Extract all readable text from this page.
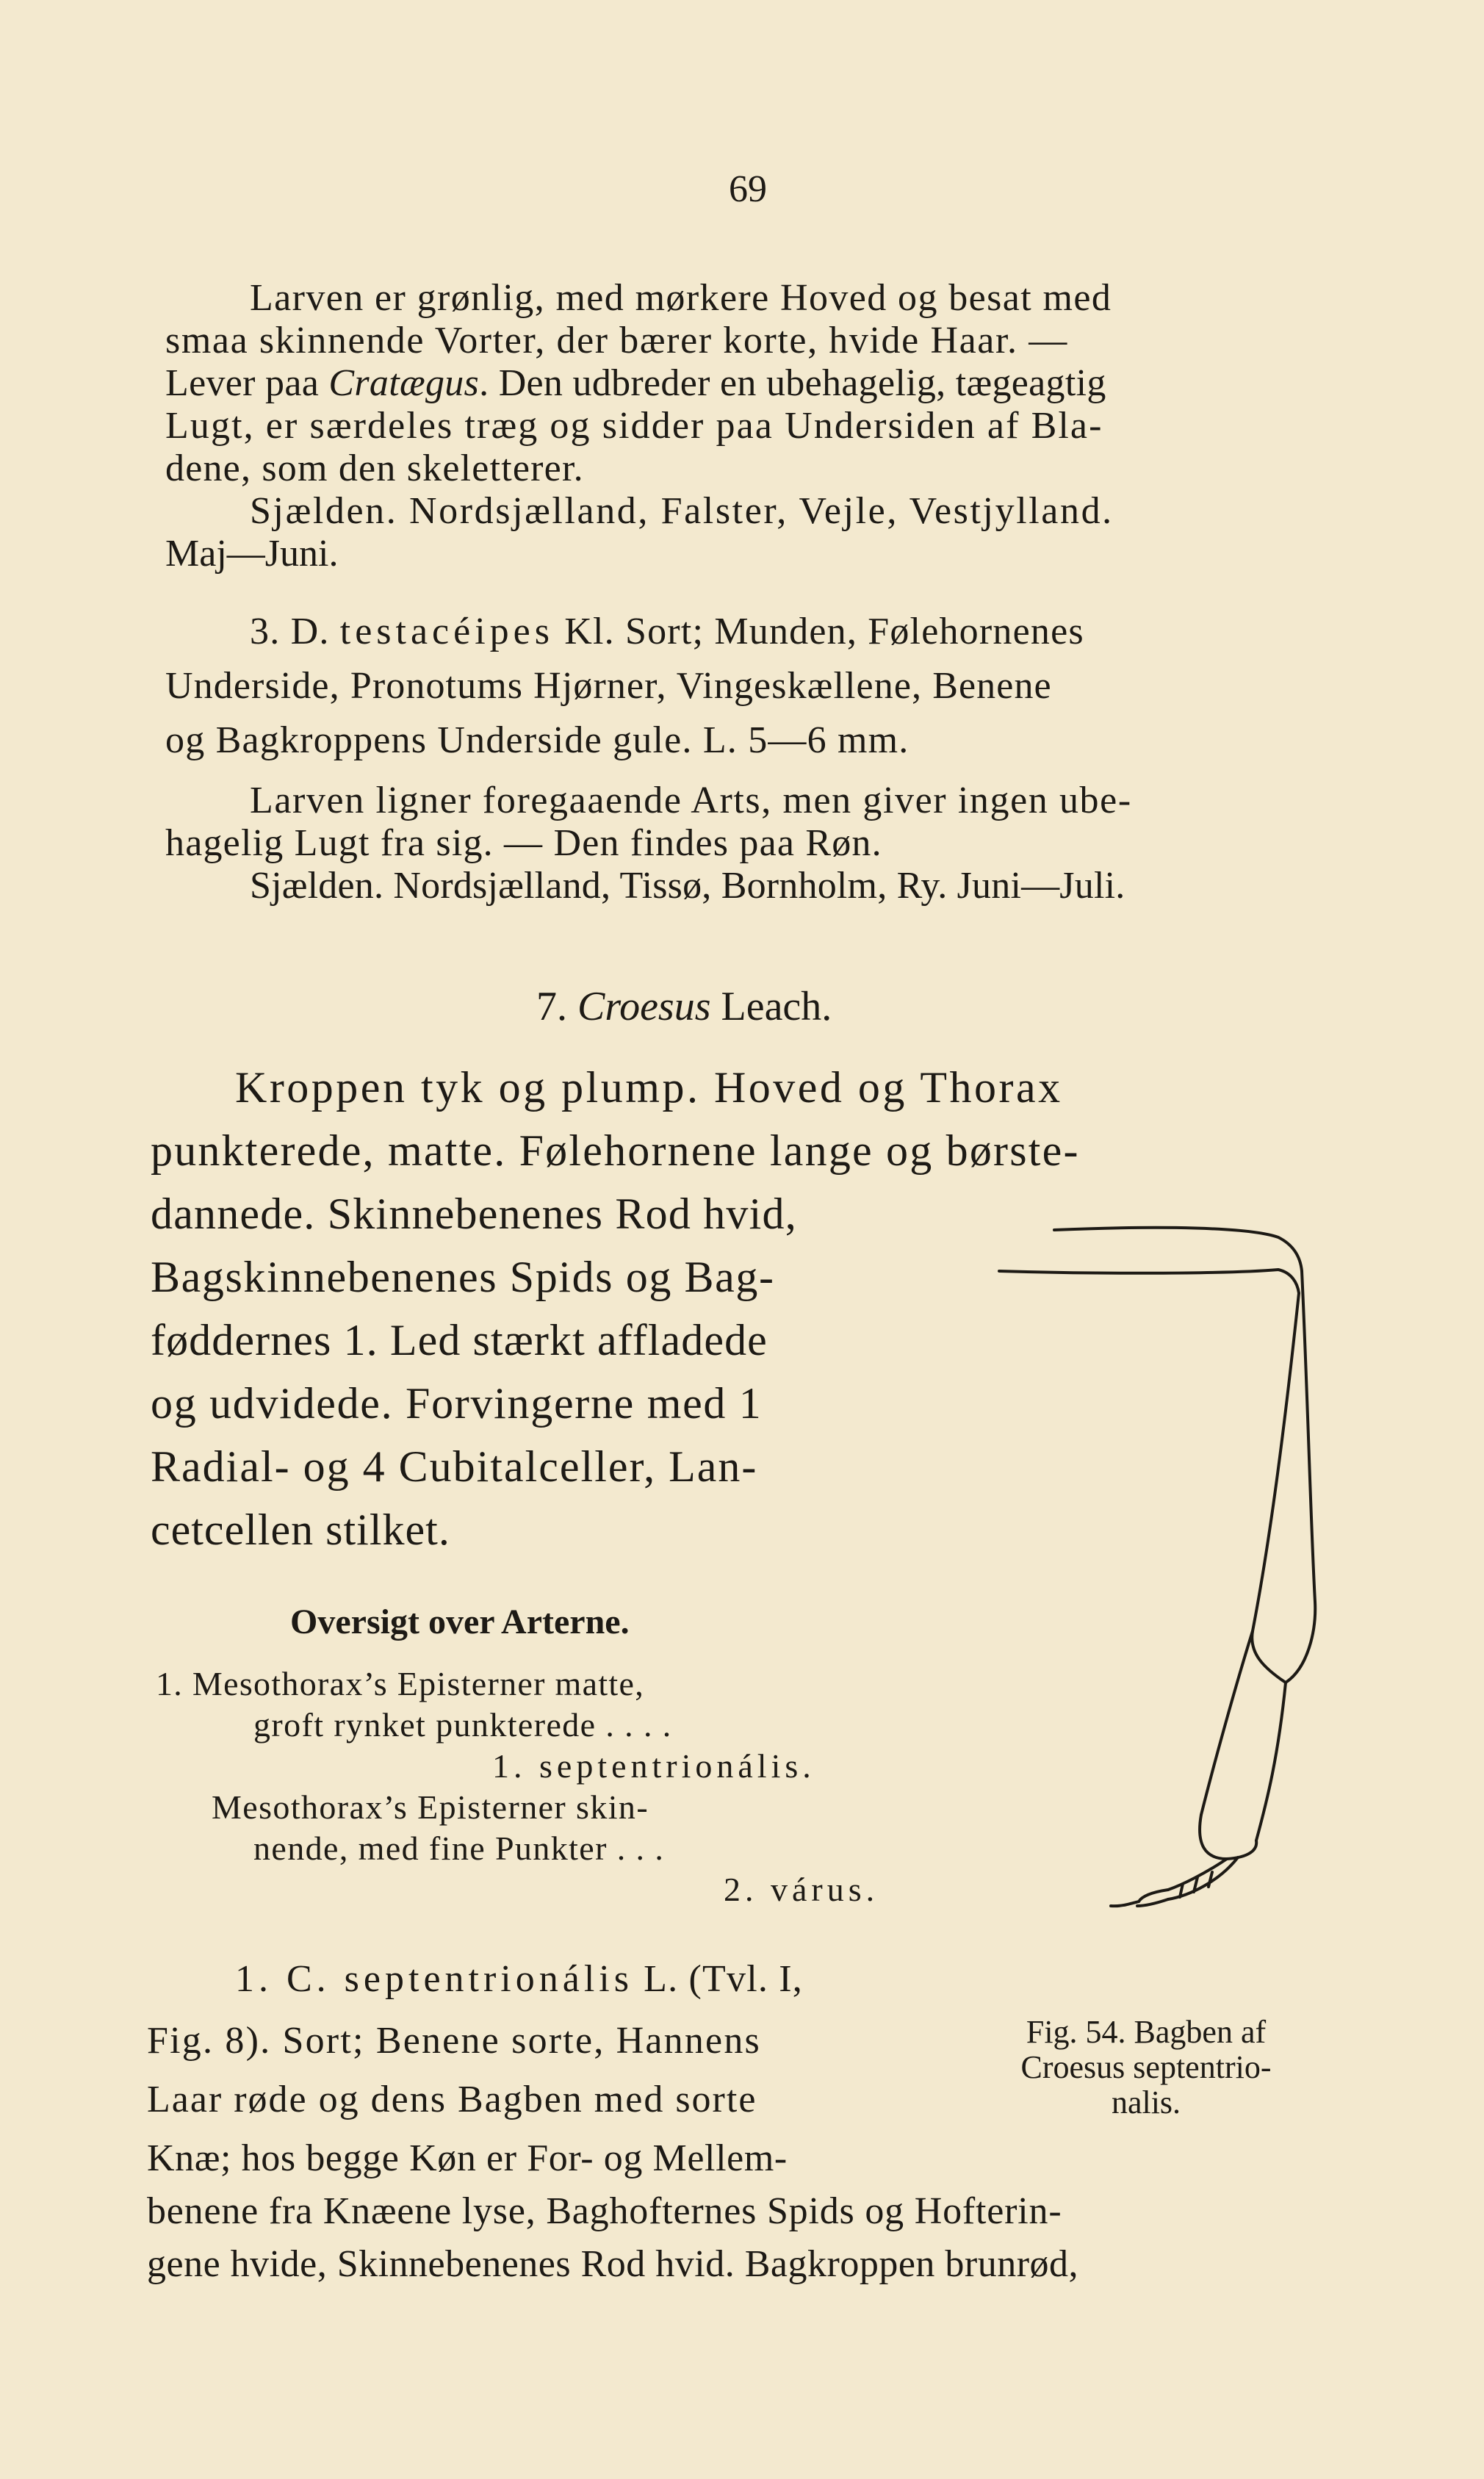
69

Larven er grønlig, med mørkere Hoved og besat med

smaa skinnende Vorter, der bærer korte, hvide Haar. —

Lever paa Cratægus. Den udbreder en ubehagelig, tægeagtig

Lugt, er særdeles træg og sidder paa Undersiden af Bla-

dene, som den skeletterer.

Sjælden. Nordsjælland, Falster, Vejle, Vestjylland.

Maj—Juni.

3. D. testacéipes Kl. Sort; Munden, Følehornenes

Underside, Pronotums Hjørner, Vingeskællene, Benene

og Bagkroppens Underside gule. L. 5—6 mm.

Larven ligner foregaaende Arts, men giver ingen ube-

hagelig Lugt fra sig. — Den findes paa Røn.

Sjælden. Nordsjælland, Tissø, Bornholm, Ry. Juni—Juli.

7. Croesus Leach.

Kroppen tyk og plump. Hoved og Thorax

punkterede, matte. Følehornene lange og børste-

dannede. Skinnebenenes Rod hvid,

Bagskinnebenenes Spids og Bag-

føddernes 1. Led stærkt affladede

og udvidede. Forvingerne med 1

Radial- og 4 Cubitalceller, Lan-

cetcellen stilket.

Oversigt over Arterne.

1. Mesothorax’s Episterner matte,

groft rynket punkterede . . . .

1. septentrionális.

Mesothorax’s Episterner skin-

nende, med fine Punkter . . .

2. várus.

1. C. septentrionális L. (Tvl. I,

Fig. 8). Sort; Benene sorte, Hannens

Laar røde og dens Bagben med sorte

Knæ; hos begge Køn er For- og Mellem-

benene fra Knæene lyse, Baghofternes Spids og Hofterin-

gene hvide, Skinnebenenes Rod hvid. Bagkroppen brunrød,

Fig. 54. Bagben af
Croesus septentrio-
nalis.
